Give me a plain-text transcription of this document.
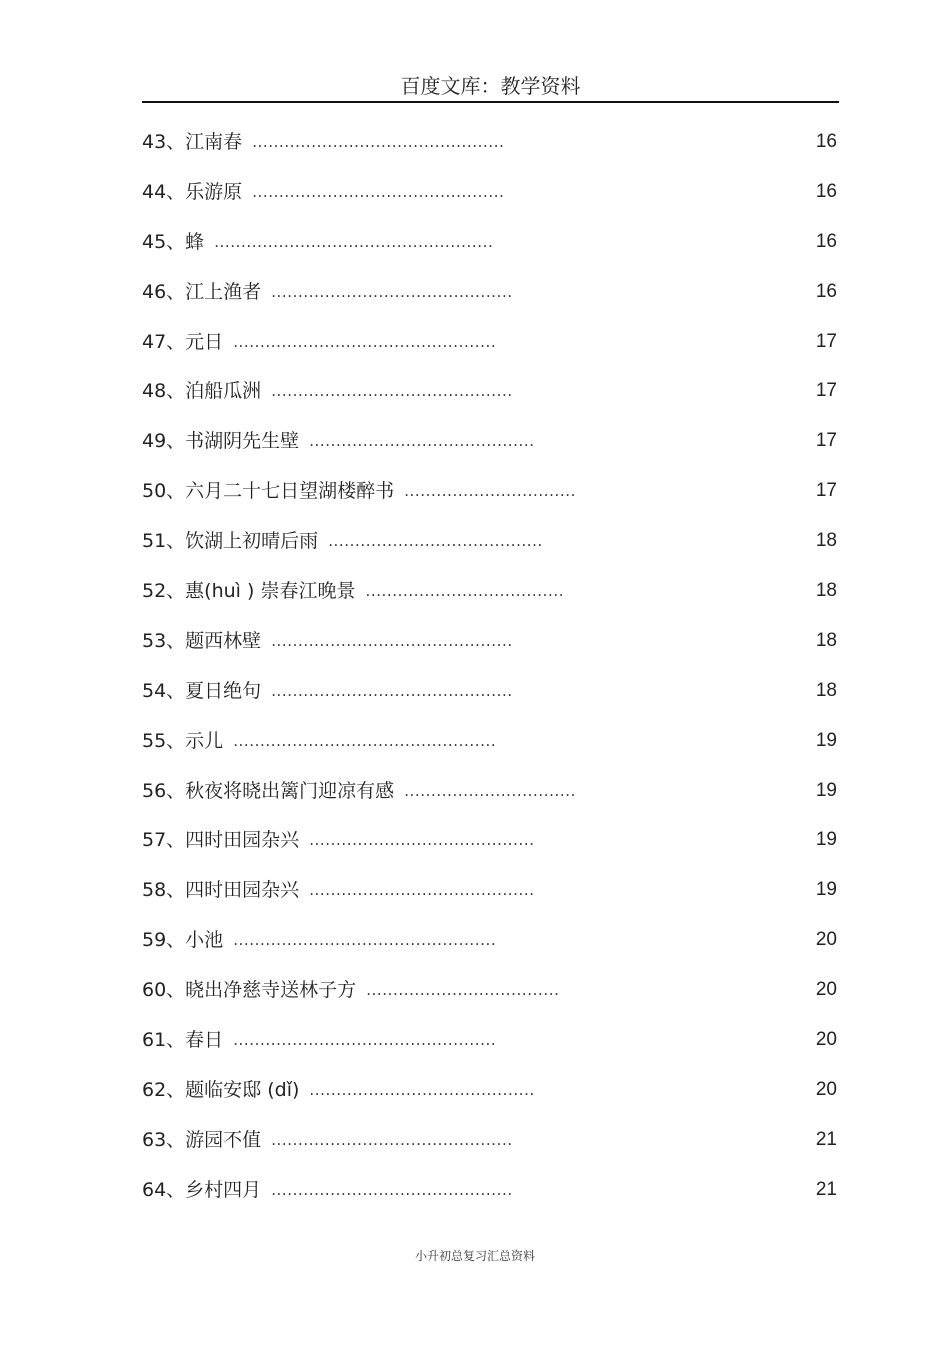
百度文库：教学资料
43、江南春 ...............................................	16
44、乐游原 ...............................................	16
45、蜂 ....................................................	16
46、江上渔者 .............................................	16
47、元日 .................................................	17
48、泊船瓜洲 .............................................	17
49、书湖阴先生壁 ..........................................	17
50、六月二十七日望湖楼醉书 ................................	17
51、饮湖上初晴后雨 ........................................	18
52、惠(huì ) 崇春江晚景 .....................................	18
53、题西林壁 .............................................	18
54、夏日绝句 .............................................	18
55、示儿 .................................................	19
56、秋夜将晓出篱门迎凉有感 ................................	19
57、四时田园杂兴 ..........................................	19
58、四时田园杂兴 ..........................................	19
59、小池 .................................................	20
60、晓出净慈寺送林子方 ....................................	20
61、春日 .................................................	20
62、题临安邸 (dǐ) ..........................................	20
63、游园不值 .............................................	21
64、乡村四月 .............................................	21
小升初总复习汇总资料
